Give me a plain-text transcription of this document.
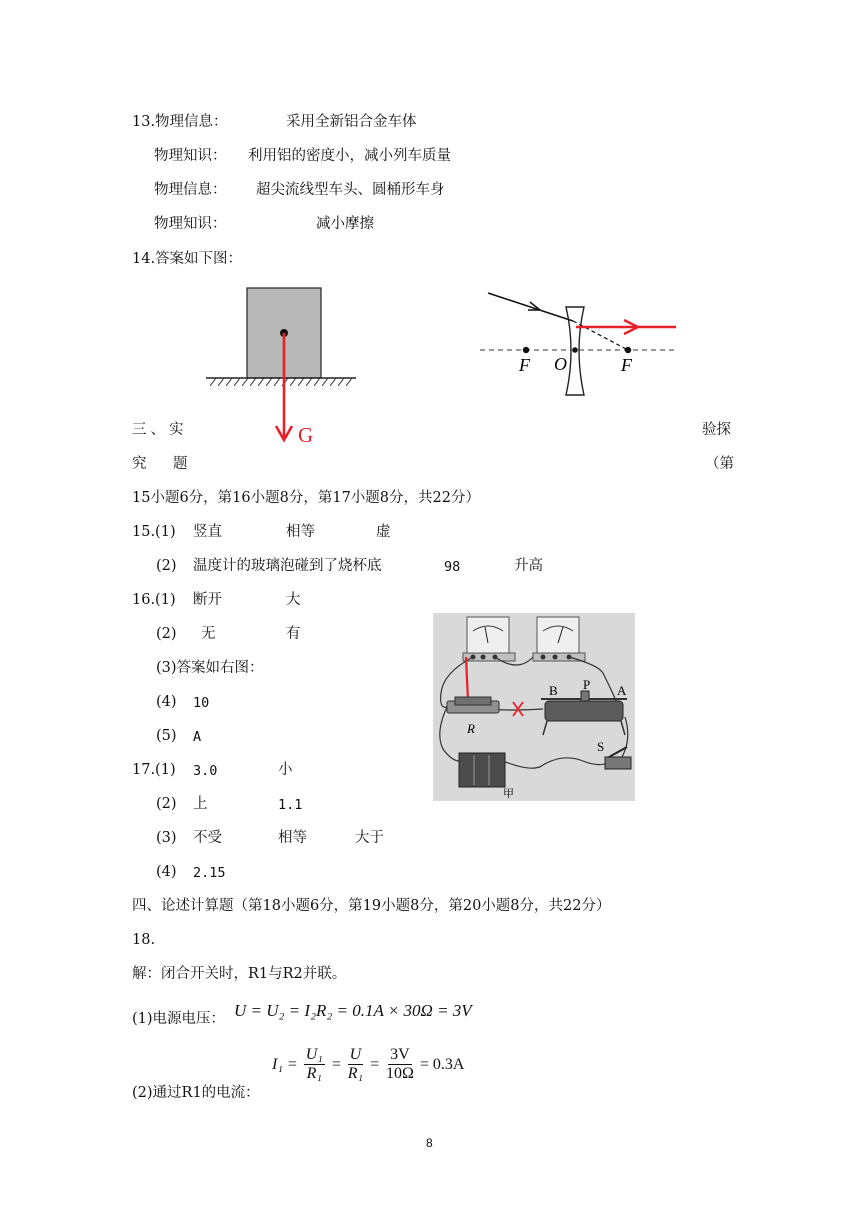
13.物理信息：	采用全新铝合金车体
物理知识： 利用铝的密度小，减小列车质量
物理信息： 超尖流线型车头、圆桶形车身
物理知识：	减小摩擦
14.答案如下图：
G
F O	F
三、实	验探
究　题	（第
15小题6分，第16小题8分，第17小题8分，共22分）
15.(1) 竖直	相等	虚
(2) 温度计的玻璃泡碰到了烧杯底	98	升高
16.(1) 断开	大
(2) 无	有
(3)答案如右图：
(4) 10
(5) A
B P A
R
S
甲
17.(1) 3.0	小
(2) 上	1.1
(3) 不受	相等	大于
(4) 2.15
四、论述计算题（第18小题6分，第19小题8分，第20小题8分，共22分）
18.
解：闭合开关时，R1与R2并联。
(1)电源电压： U = U₂ = I₂R₂ = 0.1A × 30Ω = 3V
(2)通过R1的电流：
$I_1 = \frac{\text{U₁}}{\text{R₁}} = \frac{U}{\text{R₁}} = \frac{3V}{10\Omega} = 0.3A$
8
